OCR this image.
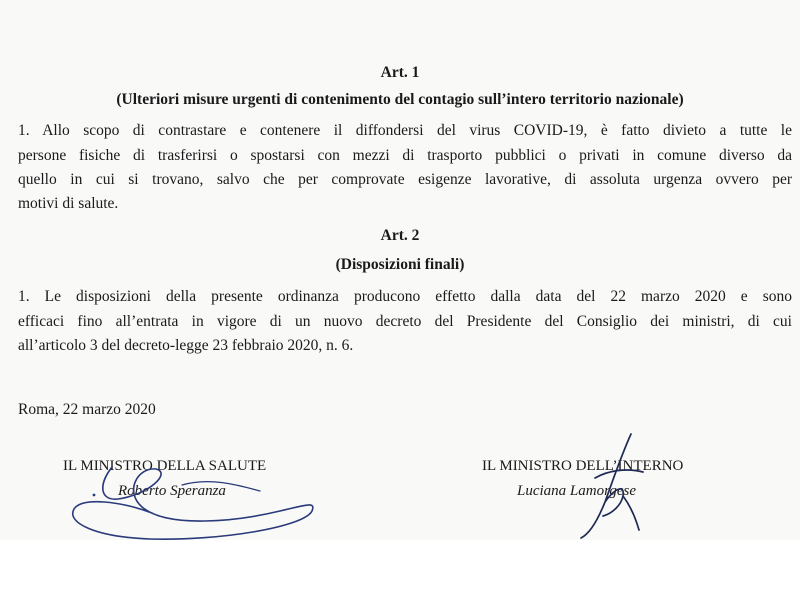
Art. 1
(Ulteriori misure urgenti di contenimento del contagio sull’intero territorio nazionale)
1. Allo scopo di contrastare e contenere il diffondersi del virus COVID-19, è fatto divieto a tutte le
persone fisiche di trasferirsi o spostarsi con mezzi di trasporto pubblici o privati in comune diverso da
quello in cui si trovano, salvo che per comprovate esigenze lavorative, di assoluta urgenza ovvero per
motivi di salute.
Art. 2
(Disposizioni finali)
1. Le disposizioni della presente ordinanza producono effetto dalla data del 22 marzo 2020 e sono
efficaci fino all’entrata in vigore di un nuovo decreto del Presidente del Consiglio dei ministri, di cui
all’articolo 3 del decreto-legge 23 febbraio 2020, n. 6.
Roma, 22 marzo 2020
IL MINISTRO DELLA SALUTE
Roberto Speranza
IL MINISTRO DELL’INTERNO
Luciana Lamorgese
